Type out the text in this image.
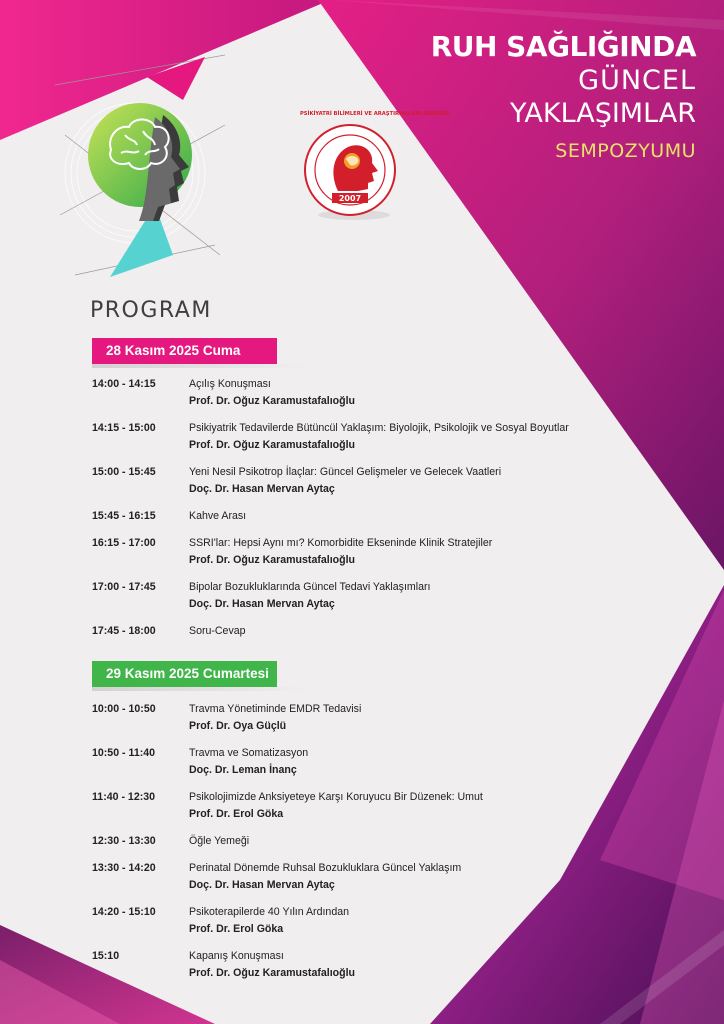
PSİKİYATRİ BİLİMLERİ VE ARAŞTIRMALARI DERNEĞİ
2007
RUH SAĞLIĞINDA
GÜNCEL
YAKLAŞIMLAR
SEMPOZYUMU
PROGRAM
28 Kasım 2025 Cuma
14:00 - 14:15	Açılış Konuşması
Prof. Dr. Oğuz Karamustafalıoğlu
14:15 - 15:00	Psikiyatrik Tedavilerde Bütüncül Yaklaşım: Biyolojik, Psikolojik ve Sosyal Boyutlar
Prof. Dr. Oğuz Karamustafalıoğlu
15:00 - 15:45	Yeni Nesil Psikotrop İlaçlar: Güncel Gelişmeler ve Gelecek Vaatleri
Doç. Dr. Hasan Mervan Aytaç
15:45 - 16:15	Kahve Arası
16:15 - 17:00	SSRI'lar: Hepsi Aynı mı? Komorbidite Ekseninde Klinik Stratejiler
Prof. Dr. Oğuz Karamustafalıoğlu
17:00 - 17:45	Bipolar Bozukluklarında Güncel Tedavi Yaklaşımları
Doç. Dr. Hasan Mervan Aytaç
17:45 - 18:00	Soru-Cevap
29 Kasım 2025 Cumartesi
10:00 - 10:50	Travma Yönetiminde EMDR Tedavisi
Prof. Dr. Oya Güçlü
10:50 - 11:40	Travma ve Somatizasyon
Doç. Dr. Leman İnanç
11:40 - 12:30	Psikolojimizde Anksiyeteye Karşı Koruyucu Bir Düzenek: Umut
Prof. Dr. Erol Göka
12:30 - 13:30	Öğle Yemeği
13:30 - 14:20	Perinatal Dönemde Ruhsal Bozukluklara Güncel Yaklaşım
Doç. Dr. Hasan Mervan Aytaç
14:20 - 15:10	Psikoterapilerde 40 Yılın Ardından
Prof. Dr. Erol Göka
15:10	Kapanış Konuşması
Prof. Dr. Oğuz Karamustafalıoğlu
